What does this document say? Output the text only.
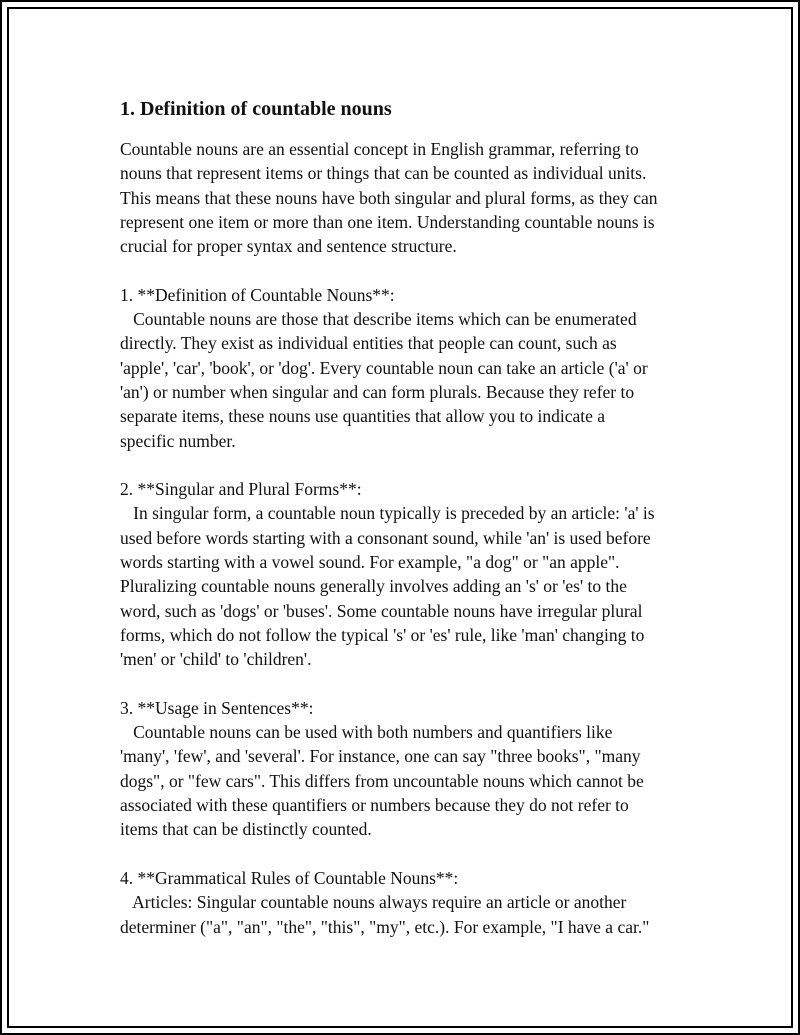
1. Definition of countable nouns
Countable nouns are an essential concept in English grammar, referring to
nouns that represent items or things that can be counted as individual units.
This means that these nouns have both singular and plural forms, as they can
represent one item or more than one item. Understanding countable nouns is
crucial for proper syntax and sentence structure.
1. **Definition of Countable Nouns**:
Countable nouns are those that describe items which can be enumerated
directly. They exist as individual entities that people can count, such as
'apple', 'car', 'book', or 'dog'. Every countable noun can take an article ('a' or
'an') or number when singular and can form plurals. Because they refer to
separate items, these nouns use quantities that allow you to indicate a
specific number.
2. **Singular and Plural Forms**:
In singular form, a countable noun typically is preceded by an article: 'a' is
used before words starting with a consonant sound, while 'an' is used before
words starting with a vowel sound. For example, "a dog" or "an apple".
Pluralizing countable nouns generally involves adding an 's' or 'es' to the
word, such as 'dogs' or 'buses'. Some countable nouns have irregular plural
forms, which do not follow the typical 's' or 'es' rule, like 'man' changing to
'men' or 'child' to 'children'.
3. **Usage in Sentences**:
Countable nouns can be used with both numbers and quantifiers like
'many', 'few', and 'several'. For instance, one can say "three books", "many
dogs", or "few cars". This differs from uncountable nouns which cannot be
associated with these quantifiers or numbers because they do not refer to
items that can be distinctly counted.
4. **Grammatical Rules of Countable Nouns**:
Articles: Singular countable nouns always require an article or another
determiner ("a", "an", "the", "this", "my", etc.). For example, "I have a car."
